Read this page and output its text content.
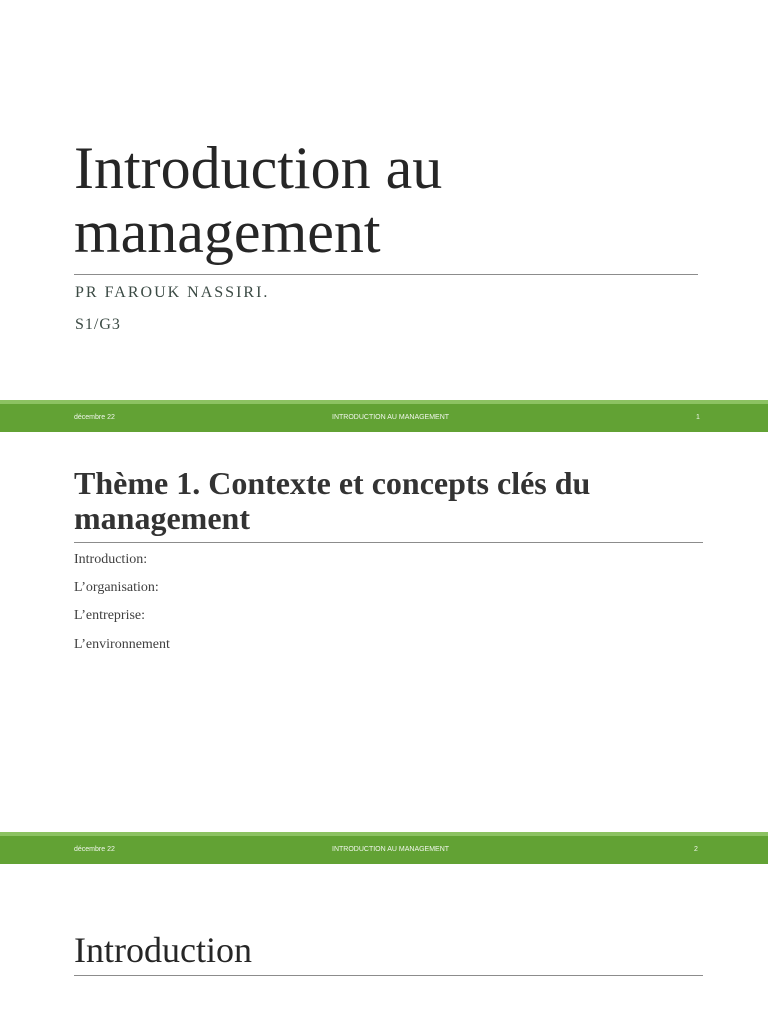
Introduction au management

PR FAROUK NASSIRI.

S1/G3

décembre 22	INTRODUCTION AU MANAGEMENT	1
Thème 1. Contexte et concepts clés du management

Introduction:

L’organisation:

L’entreprise:

L’environnement

décembre 22	INTRODUCTION AU MANAGEMENT	2
Introduction
